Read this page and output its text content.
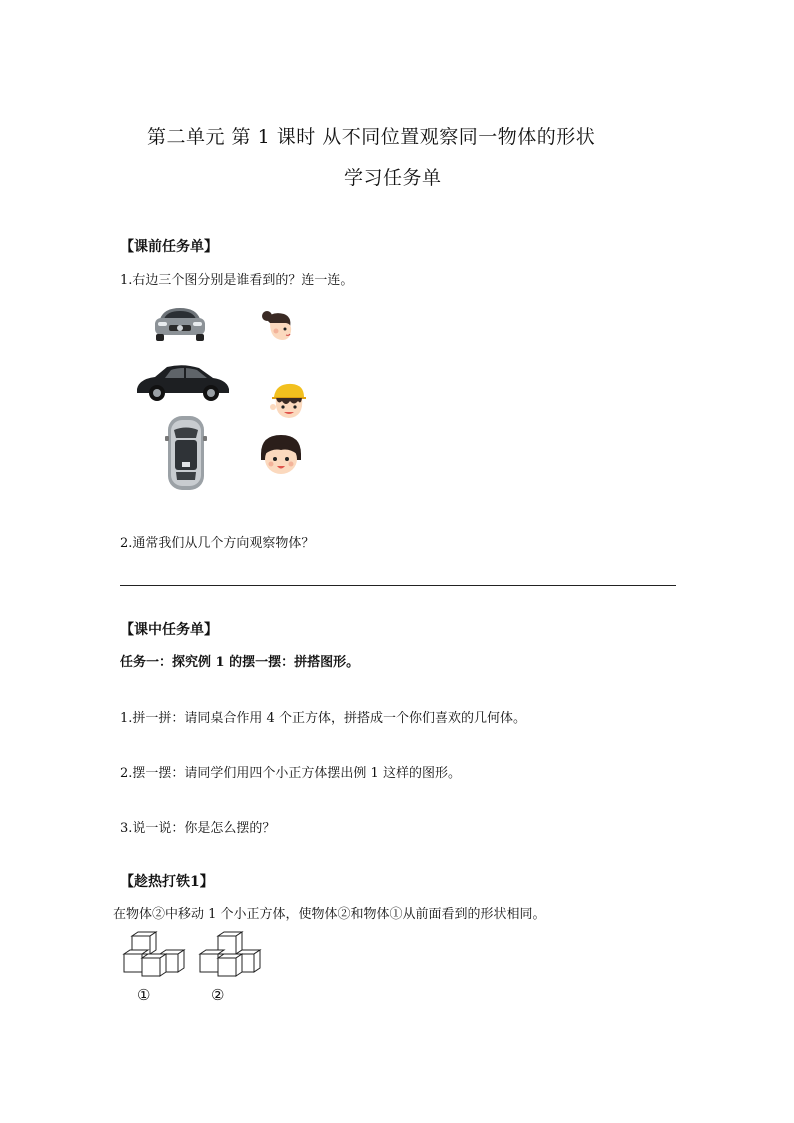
第二单元 第 1 课时 从不同位置观察同一物体的形状
学习任务单
【课前任务单】
1.右边三个图分别是谁看到的？连一连。
2.通常我们从几个方向观察物体？
【课中任务单】
任务一：探究例 1 的摆一摆：拼搭图形。
1.拼一拼：请同桌合作用 4 个正方体，拼搭成一个你们喜欢的几何体。
2.摆一摆：请同学们用四个小正方体摆出例 1 这样的图形。
3.说一说：你是怎么摆的？
【趁热打铁1】
在物体②中移动 1 个小正方体，使物体②和物体①从前面看到的形状相同。
①	②
